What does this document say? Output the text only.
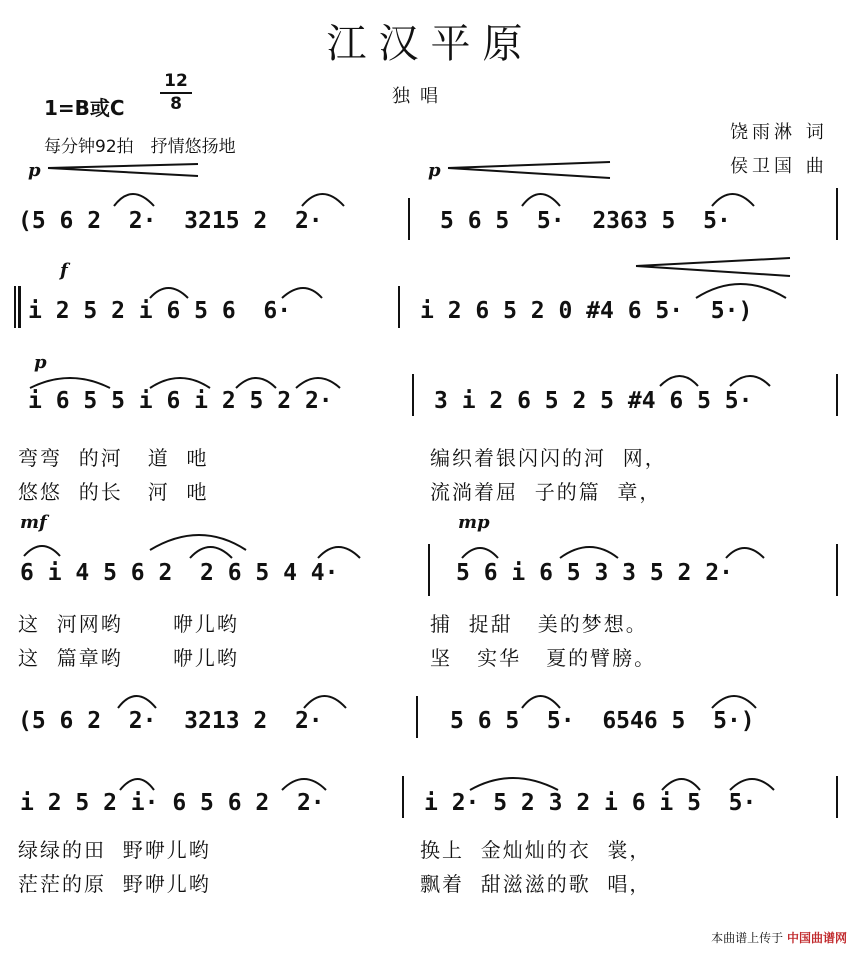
江汉平原
1=B或C
12
8	独唱
每分钟92拍　抒情悠扬地
饶雨淋 词
侯卫国 曲
p	p
f
p
mf	mp
(5 6 2  2·  3215 2  2·	5 6 5  5·  2363 5  5·
i 2 5 2 i 6 5 6  6·	i 2 6 5 2 0 #4 6 5·  5·)
i 6 5 5 i 6 i 2 5 2 2·	3 i 2 6 5 2 5 #4 6 5 5·
6 i 4 5 6 2  2 6 5 4 4·	5 6 i 6 5 3 3 5 2 2·
(5 6 2  2·  3213 2  2·	5 6 5  5·  6546 5  5·)
i 2 5 2 i· 6 5 6 2  2·	i 2· 5 2 3 2 i 6 i 5  5·
弯弯  的河   道  吔	编织着银闪闪的河  网，
悠悠  的长   河  吔	流淌着屈  子的篇  章，
这  河网哟      咿儿哟	捕  捉甜   美的梦想。
这  篇章哟      咿儿哟	坚   实华   夏的臂膀。
绿绿的田  野咿儿哟	换上  金灿灿的衣  裳，
茫茫的原  野咿儿哟	飘着  甜滋滋的歌  唱，
本曲谱上传于 中国曲谱网
